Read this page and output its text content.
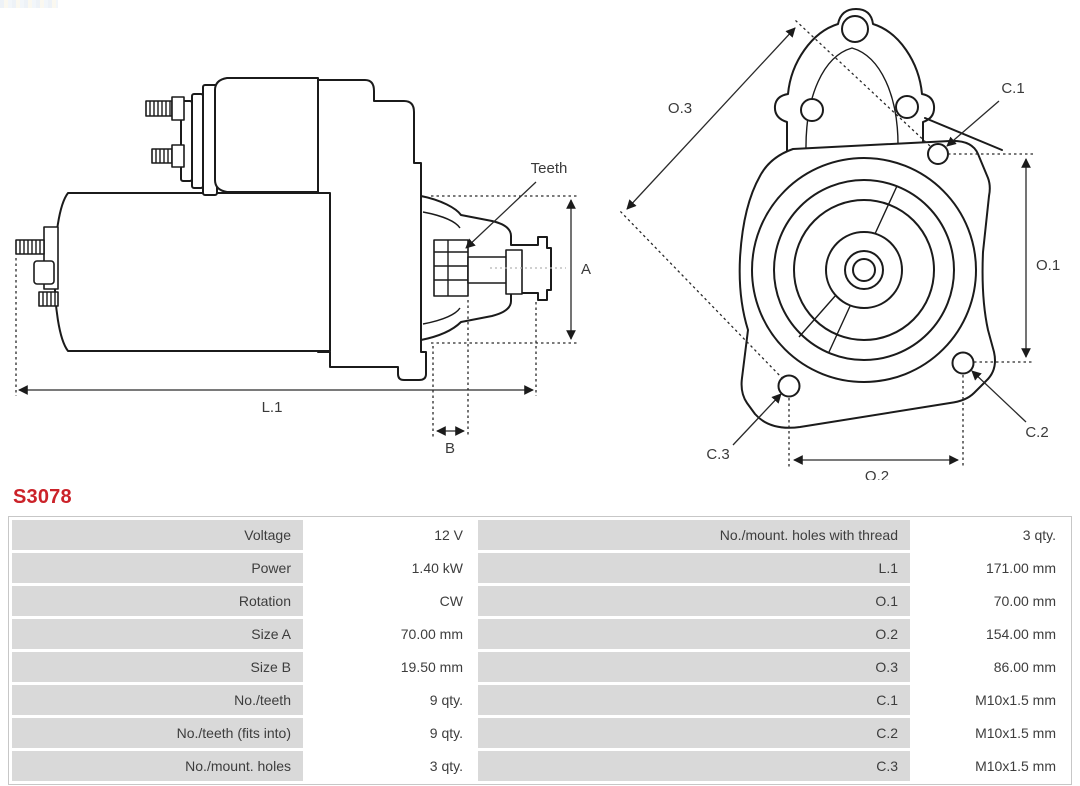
Teeth
A
L.1
B
O.3
C.1
O.1
C.2
C.3
O.2
S3078
Voltage	12 V	No./mount. holes with thread	3 qty.
Power	1.40 kW	L.1	171.00 mm
Rotation	CW	O.1	70.00 mm
Size A	70.00 mm	O.2	154.00 mm
Size B	19.50 mm	O.3	86.00 mm
No./teeth	9 qty.	C.1	M10x1.5 mm
No./teeth (fits into)	9 qty.	C.2	M10x1.5 mm
No./mount. holes	3 qty.	C.3	M10x1.5 mm
